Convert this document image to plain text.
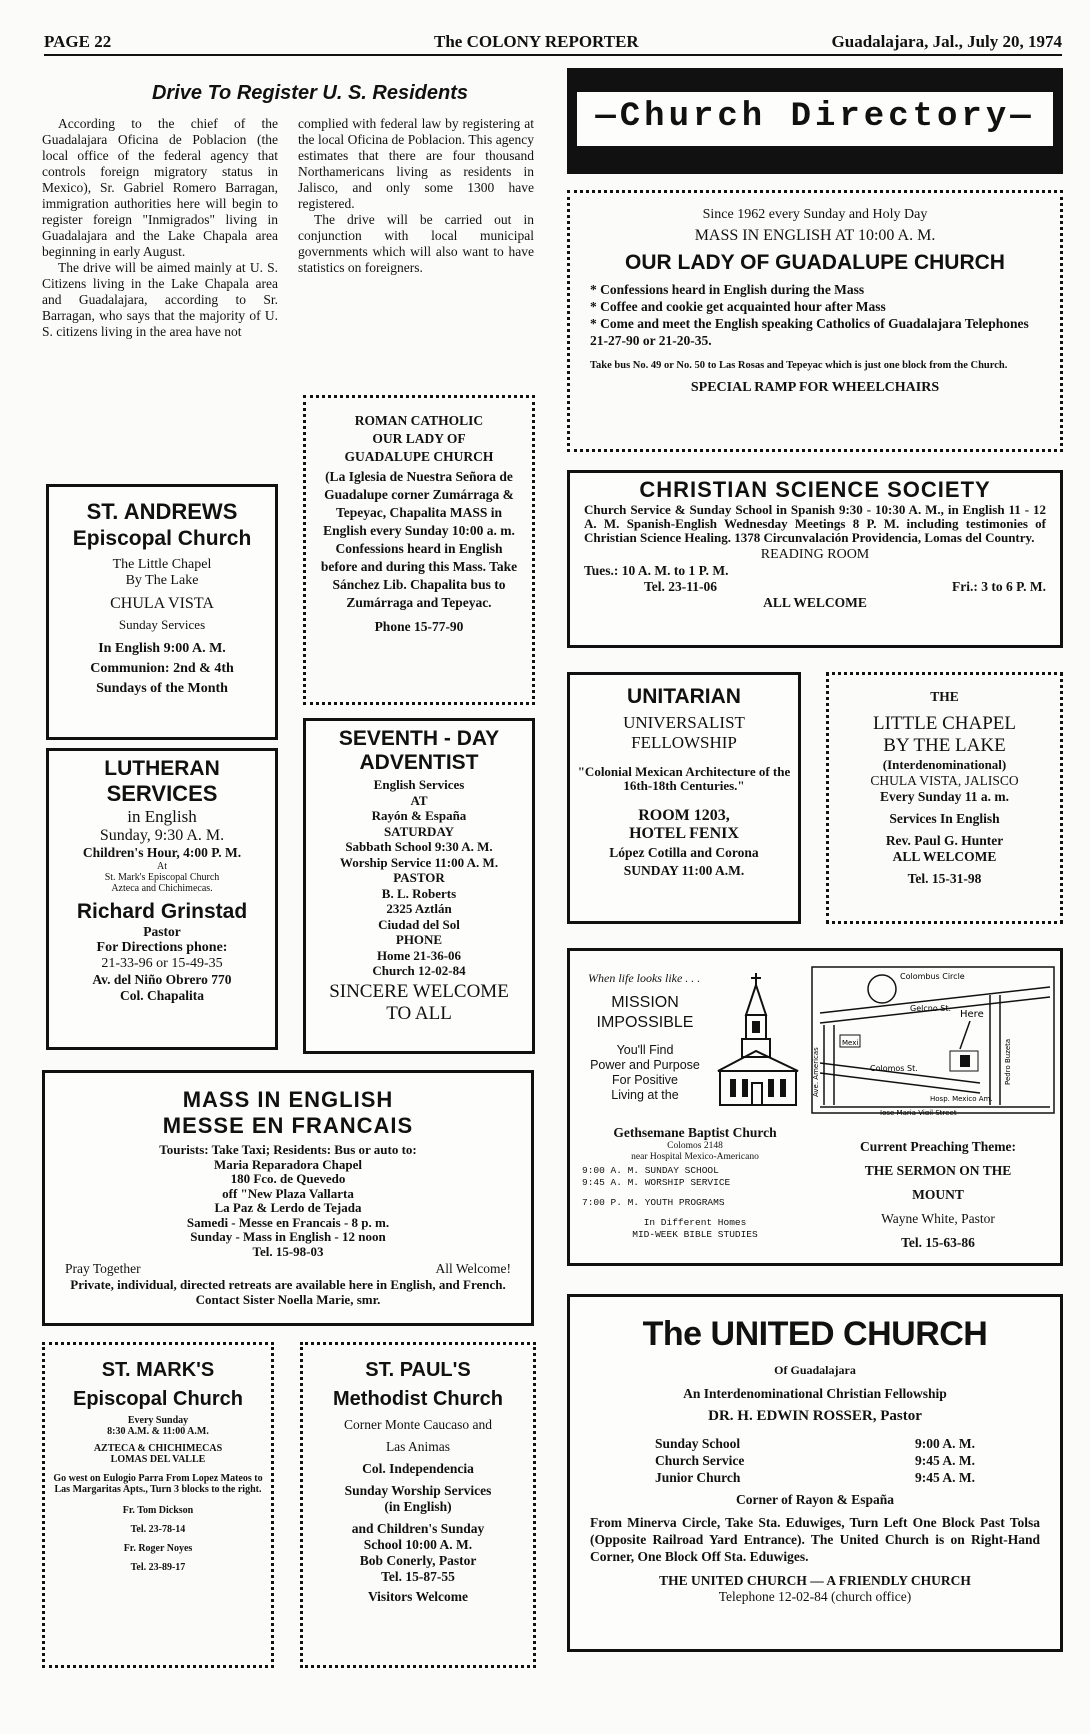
PAGE 22	The COLONY REPORTER	Guadalajara, Jal., July 20, 1974
Drive To Register U. S. Residents

According to the chief of the Guadalajara Oficina de Poblacion (the local office of the federal agency that controls foreign migratory status in Mexico), Sr. Gabriel Romero Barragan, immigration authorities here will begin to register foreign "Inmigrados" living in Guadalajara and the Lake Chapala area beginning in early August.

The drive will be aimed mainly at U. S. Citizens living in the Lake Chapala area and Guadalajara, according to Sr. Barragan, who says that the majority of U. S. citizens living in the area have not

complied with federal law by registering at the local Oficina de Poblacion. This agency estimates that there are four thousand Northamericans living as residents in Jalisco, and only some 1300 have registered.

The drive will be carried out in conjunction with local municipal governments which will also want to have statistics on foreigners.

—Church Directory—
Since 1962 every Sunday and Holy Day
MASS IN ENGLISH AT 10:00 A. M.
OUR LADY OF GUADALUPE CHURCH
* Confessions heard in English during the Mass
* Coffee and cookie get acquainted hour after Mass
* Come and meet the English speaking Catholics of Guadalajara Telephones 21-27-90 or 21-20-35.
Take bus No. 49 or No. 50 to Las Rosas and Tepeyac which is just one block from the Church.
SPECIAL RAMP FOR WHEELCHAIRS
ROMAN CATHOLIC
OUR LADY OF
GUADALUPE CHURCH
(La Iglesia de Nuestra Señora de Guadalupe corner Zumárraga & Tepeyac, Chapalita MASS in English every Sunday 10:00 a. m. Confessions heard in English before and during this Mass. Take Sánchez Lib. Chapalita bus to Zumárraga and Tepeyac.
Phone 15-77-90
ST. ANDREWS
Episcopal Church
The Little Chapel
By The Lake
CHULA VISTA
Sunday Services
In English 9:00 A. M.
Communion: 2nd & 4th
Sundays of the Month
LUTHERAN
SERVICES
in English
Sunday, 9:30 A. M.
Children's Hour, 4:00 P. M.
At
St. Mark's Episcopal Church
Azteca and Chichimecas.
Richard Grinstad
Pastor
For Directions phone:
21-33-96 or 15-49-35
Av. del Niño Obrero 770
Col. Chapalita
SEVENTH - DAY
ADVENTIST
English Services
AT
Rayón & España
SATURDAY
Sabbath School 9:30 A. M.
Worship Service 11:00 A. M.
PASTOR
B. L. Roberts
2325 Aztlán
Ciudad del Sol
PHONE
Home 21-36-06
Church 12-02-84
SINCERE WELCOME
TO ALL
CHRISTIAN SCIENCE SOCIETY
Church Service & Sunday School in Spanish 9:30 - 10:30 A. M., in English 11 - 12 A. M. Spanish-English Wednesday Meetings 8 P. M. including testimonies of Christian Science Healing. 1378 Circunvalación Providencia, Lomas del Country.
READING ROOM
Tues.: 10 A. M. to 1 P. M.
Tel. 23-11-06	Fri.: 3 to 6 P. M.
ALL WELCOME
UNITARIAN
UNIVERSALIST
FELLOWSHIP
"Colonial Mexican Architecture of the 16th-18th Centuries."
ROOM 1203,
HOTEL FENIX
López Cotilla and Corona
SUNDAY 11:00 A.M.
THE
LITTLE CHAPEL
BY THE LAKE
(Interdenominational)
CHULA VISTA, JALISCO
Every Sunday 11 a. m.
Services In English
Rev. Paul G. Hunter
ALL WELCOME
Tel. 15-31-98
When life looks like . . .
MISSION
IMPOSSIBLE
You'll Find
Power and Purpose
For Positive
Living at the
Colombus Circle
Gelcno St.
Here
Colomos St.
Ave. Americas	Pedro Buzeta
Mexi
Hosp. Mexico Am.
Jose Maria Vigil Street
Gethsemane Baptist Church
Colomos 2148
near Hospital Mexico-Americano
9:00 A. M. SUNDAY SCHOOL
9:45 A. M. WORSHIP SERVICE
7:00 P. M. YOUTH PROGRAMS
In Different Homes
MID-WEEK BIBLE STUDIES
Current Preaching Theme:
THE SERMON ON THE
MOUNT
Wayne White, Pastor
Tel. 15-63-86
MASS IN ENGLISH
MESSE EN FRANCAIS
Tourists: Take Taxi; Residents: Bus or auto to:
Maria Reparadora Chapel
180 Fco. de Quevedo
off "New Plaza Vallarta
La Paz & Lerdo de Tejada
Samedi - Messe en Francais - 8 p. m.
Sunday - Mass in English - 12 noon
Tel. 15-98-03
Pray Together	All Welcome!
Private, individual, directed retreats are available here in English, and French. Contact Sister Noella Marie, smr.
ST. MARK'S
Episcopal Church
Every Sunday
8:30 A.M. & 11:00 A.M.
AZTECA & CHICHIMECAS
LOMAS DEL VALLE
Go west on Eulogio Parra From Lopez Mateos to Las Margaritas Apts., Turn 3 blocks to the right.
Fr. Tom Dickson
Tel. 23-78-14
Fr. Roger Noyes
Tel. 23-89-17
ST. PAUL'S
Methodist Church
Corner Monte Caucaso and
Las Animas
Col. Independencia
Sunday Worship Services
(in English)
and Children's Sunday
School 10:00 A. M.
Bob Conerly, Pastor
Tel. 15-87-55
Visitors Welcome
The UNITED CHURCH
Of Guadalajara
An Interdenominational Christian Fellowship
DR. H. EDWIN ROSSER, Pastor
Sunday School	9:00 A. M.
Church Service	9:45 A. M.
Junior Church	9:45 A. M.
Corner of Rayon & España
From Minerva Circle, Take Sta. Eduwiges, Turn Left One Block Past Tolsa (Opposite Railroad Yard Entrance). The United Church is on Right-Hand Corner, One Block Off Sta. Eduwiges.
THE UNITED CHURCH — A FRIENDLY CHURCH
Telephone 12-02-84 (church office)
